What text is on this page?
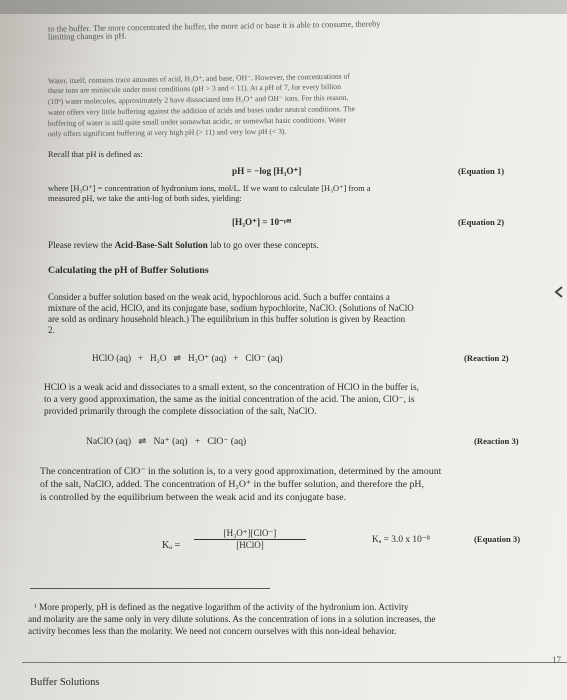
to the buffer. The more concentrated the buffer, the more acid or base it is able to consume, thereby
limiting changes in pH.
Water, itself, contains trace amounts of acid, H₃O⁺, and base, OH⁻. However, the concentrations of
these ions are miniscule under most conditions (pH > 3 and < 11). At a pH of 7, for every billion
(10⁹) water molecules, approximately 2 have dissociated into H₃O⁺ and OH⁻ ions. For this reason,
water offers very little buffering against the addition of acids and bases under neutral conditions. The
buffering of water is still quite small under somewhat acidic, or somewhat basic conditions. Water
only offers significant buffering at very high pH (> 11) and very low pH (< 3).
Recall that pH is defined as:
pH = −log [H₃O⁺]	(Equation 1)
where [H₃O⁺] = concentration of hydronium ions, mol/L. If we want to calculate [H₃O⁺] from a
measured pH, we take the anti-log of both sides, yielding:
[H₃O⁺] = 10⁻ᵖᴴ	(Equation 2)
Please review the Acid-Base-Salt Solution lab to go over these concepts.
Calculating the pH of Buffer Solutions
Consider a buffer solution based on the weak acid, hypochlorous acid. Such a buffer contains a
mixture of the acid, HClO, and its conjugate base, sodium hypochlorite, NaClO. (Solutions of NaClO
are sold as ordinary household bleach.) The equilibrium in this buffer solution is given by Reaction
2.
HClO (aq)   +   H₂O   ⇌   H₃O⁺ (aq)   +   ClO⁻ (aq)	(Reaction 2)
HClO is a weak acid and dissociates to a small extent, so the concentration of HClO in the buffer is,
to a very good approximation, the same as the initial concentration of the acid. The anion, ClO⁻, is
provided primarily through the complete dissociation of the salt, NaClO.
NaClO (aq)   ⇌   Na⁺ (aq)   +   ClO⁻ (aq)	(Reaction 3)
The concentration of ClO⁻ in the solution is, to a very good approximation, determined by the amount
of the salt, NaClO, added. The concentration of H₃O⁺ in the buffer solution, and therefore the pH,
is controlled by the equilibrium between the weak acid and its conjugate base.
Kₐ =
[H₃O⁺][ClO⁻]
[HClO]	Kₐ = 3.0 x 10⁻⁸	(Equation 3)
¹ More properly, pH is defined as the negative logarithm of the activity of the hydronium ion. Activity
and molarity are the same only in very dilute solutions. As the concentration of ions in a solution increases, the
activity becomes less than the molarity. We need not concern ourselves with this non-ideal behavior.
Buffer Solutions
17
